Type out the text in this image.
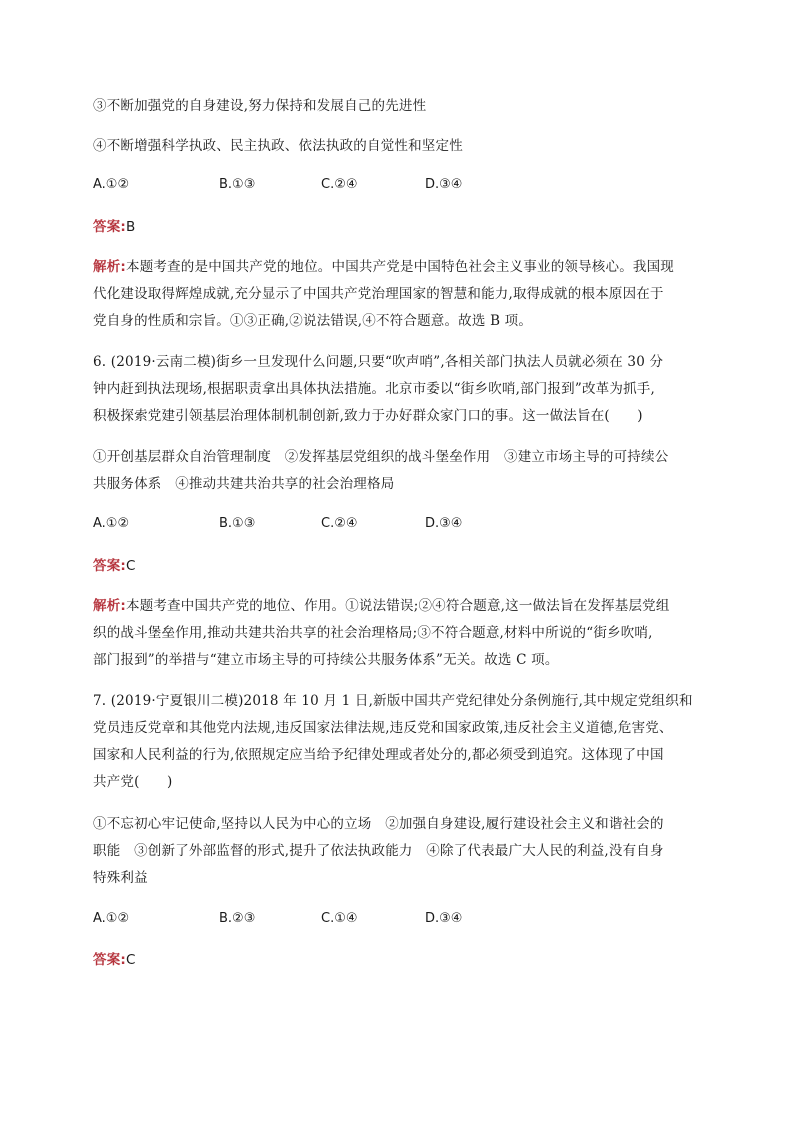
③不断加强党的自身建设,努力保持和发展自己的先进性
④不断增强科学执政、民主执政、依法执政的自觉性和坚定性
A.①②	B.①③	C.②④	D.③④
答案:B
解析:本题考查的是中国共产党的地位。中国共产党是中国特色社会主义事业的领导核心。我国现
代化建设取得辉煌成就,充分显示了中国共产党治理国家的智慧和能力,取得成就的根本原因在于
党自身的性质和宗旨。①③正确,②说法错误,④不符合题意。故选 B 项。
6. (2019·云南二模)街乡一旦发现什么问题,只要“吹声哨”,各相关部门执法人员就必须在 30 分
钟内赶到执法现场,根据职责拿出具体执法措施。北京市委以“街乡吹哨,部门报到”改革为抓手,
积极探索党建引领基层治理体制机制创新,致力于办好群众家门口的事。这一做法旨在(　　)
①开创基层群众自治管理制度　②发挥基层党组织的战斗堡垒作用　③建立市场主导的可持续公
共服务体系　④推动共建共治共享的社会治理格局
A.①②	B.①③	C.②④	D.③④
答案:C
解析:本题考查中国共产党的地位、作用。①说法错误;②④符合题意,这一做法旨在发挥基层党组
织的战斗堡垒作用,推动共建共治共享的社会治理格局;③不符合题意,材料中所说的“街乡吹哨,
部门报到”的举措与“建立市场主导的可持续公共服务体系”无关。故选 C 项。
7. (2019·宁夏银川二模)2018 年 10 月 1 日,新版中国共产党纪律处分条例施行,其中规定党组织和
党员违反党章和其他党内法规,违反国家法律法规,违反党和国家政策,违反社会主义道德,危害党、
国家和人民利益的行为,依照规定应当给予纪律处理或者处分的,都必须受到追究。这体现了中国
共产党(　　)
①不忘初心牢记使命,坚持以人民为中心的立场　②加强自身建设,履行建设社会主义和谐社会的
职能　③创新了外部监督的形式,提升了依法执政能力　④除了代表最广大人民的利益,没有自身
特殊利益
A.①②	B.②③	C.①④	D.③④
答案:C
